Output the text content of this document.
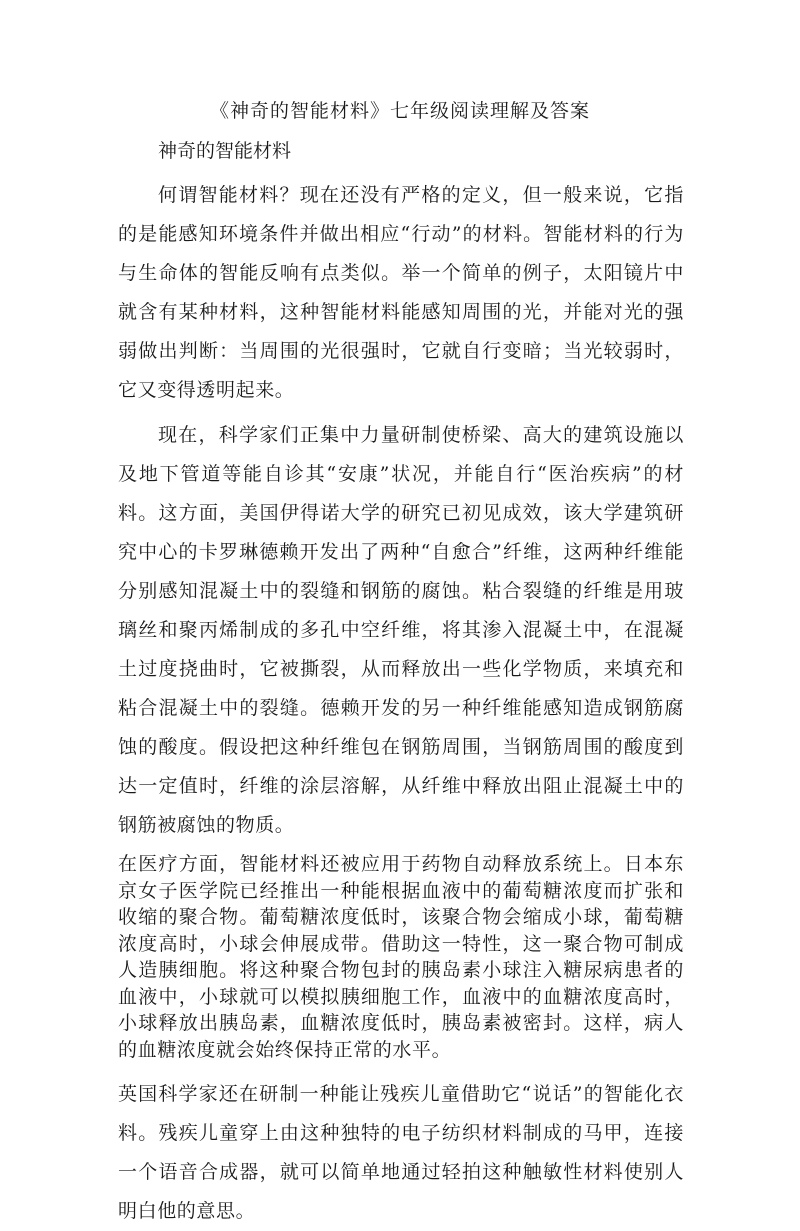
《神奇的智能材料》七年级阅读理解及答案
神奇的智能材料

何谓智能材料？现在还没有严格的定义，但一般来说，它指的是能感知环境条件并做出相应“行动”的材料。智能材料的行为与生命体的智能反响有点类似。举一个简单的例子，太阳镜片中就含有某种材料，这种智能材料能感知周围的光，并能对光的强弱做出判断：当周围的光很强时，它就自行变暗；当光较弱时，它又变得透明起来。

现在，科学家们正集中力量研制使桥梁、高大的建筑设施以及地下管道等能自诊其“安康”状况，并能自行“医治疾病”的材料。这方面，美国伊得诺大学的研究已初见成效，该大学建筑研究中心的卡罗琳德赖开发出了两种“自愈合”纤维，这两种纤维能分别感知混凝土中的裂缝和钢筋的腐蚀。粘合裂缝的纤维是用玻璃丝和聚丙烯制成的多孔中空纤维，将其渗入混凝土中，在混凝土过度挠曲时，它被撕裂，从而释放出一些化学物质，来填充和粘合混凝土中的裂缝。德赖开发的另一种纤维能感知造成钢筋腐蚀的酸度。假设把这种纤维包在钢筋周围，当钢筋周围的酸度到达一定值时，纤维的涂层溶解，从纤维中释放出阻止混凝土中的钢筋被腐蚀的物质。

在医疗方面，智能材料还被应用于药物自动释放系统上。日本东京女子医学院已经推出一种能根据血液中的葡萄糖浓度而扩张和收缩的聚合物。葡萄糖浓度低时，该聚合物会缩成小球，葡萄糖浓度高时，小球会伸展成带。借助这一特性，这一聚合物可制成人造胰细胞。将这种聚合物包封的胰岛素小球注入糖尿病患者的血液中，小球就可以模拟胰细胞工作，血液中的血糖浓度高时，小球释放出胰岛素，血糖浓度低时，胰岛素被密封。这样，病人的血糖浓度就会始终保持正常的水平。

英国科学家还在研制一种能让残疾儿童借助它“说话”的智能化衣料。残疾儿童穿上由这种独特的电子纺织材料制成的马甲，连接一个语音合成器，就可以简单地通过轻拍这种触敏性材料使别人明白他的意思。
